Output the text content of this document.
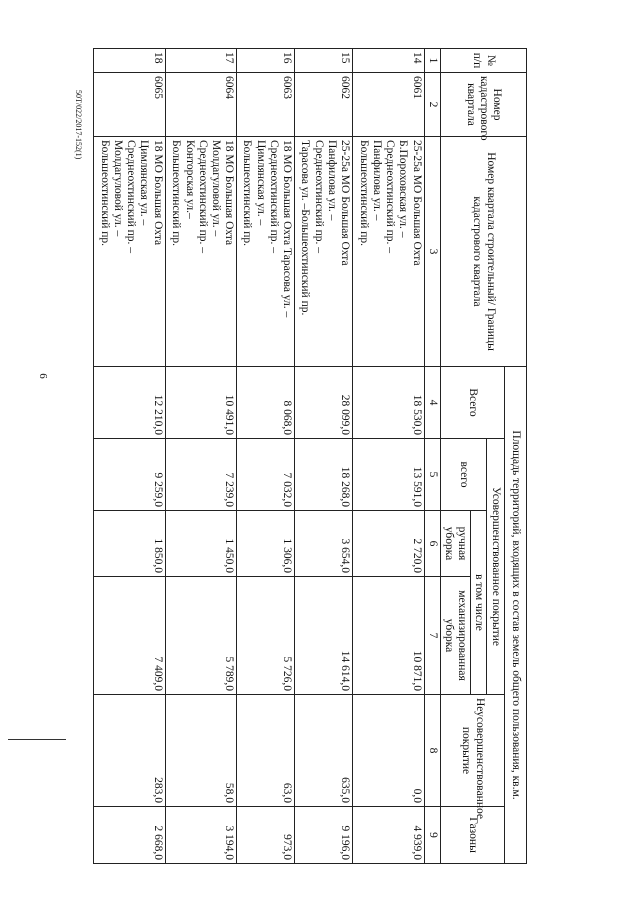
6
50Т/022/2017-152(1)
№ п/п	Номер кадастрового квартала	Номер квартала строительный/ Границы кадастрового квартала	Площадь территорий, входящих в состав земель общего пользования, кв.м.					
			Всего	Усовершенствованное покрытие			Неусовершенствованное покрытие	Газоны
				всего	в том числе			
					ручная уборка	механизированная уборка		
1	2	3	4	5	6	7	8	9
14	6061	25-25а МО Большая Охта
Б.Пороховская ул. –
Среднеохтинский пр. –
Панфилова ул. –
Большеохтинский пр.	18 530,0	13 591,0	2 720,0	10 871,0	0,0	4 939,0
15	6062	25-25а МО Большая Охта
Панфилова ул. –
Среднеохтинский пр. –
Тарасова ул. –Большеохтинский пр.	28 099,0	18 268,0	3 654,0	14 614,0	635,0	9 196,0
16	6063	18 МО Большая Охта Тарасова ул. –
Среднеохтинский пр. –
Цимлянская ул. –
Большеохтинский пр.	8 068,0	7 032,0	1 306,0	5 726,0	63,0	973,0
17	6064	18 МО Большая Охта
Молдагуловой ул. –
Среднеохтинский пр. –
Конторская ул.–
Большеохтинский пр.	10 491,0	7 239,0	1 450,0	5 789,0	58,0	3 194,0
18	6065	18 МО Большая Охта
Цимлянская ул. –
Среднеохтинский пр. –
Молдагуловой ул. –
Большеохтинский пр.	12 210,0	9 259,0	1 850,0	7 409,0	283,0	2 668,0
